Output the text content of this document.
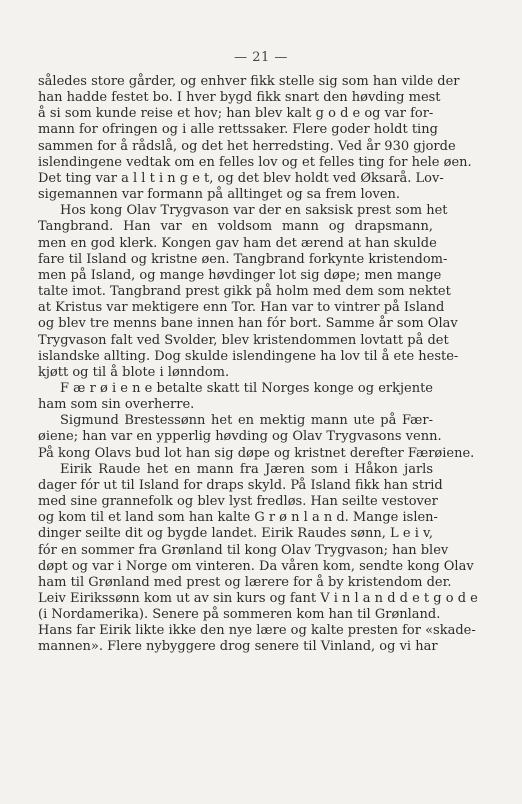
— 21 —
således store gårder, og enhver fikk stelle sig som han vilde der
han hadde festet bo. I hver bygd fikk snart den høvding mest
å si som kunde reise et hov; han blev kalt g o d e og var for-
mann for ofringen og i alle rettssaker. Flere goder holdt ting
sammen for å rådslå, og det het herredsting. Ved år 930 gjorde
islendingene vedtak om en felles lov og et felles ting for hele øen.
Det ting var a l l t i n g e t, og det blev holdt ved Øksarå. Lov-
sigemannen var formann på alltinget og sa frem loven.
Hos kong Olav Trygvason var der en saksisk prest som het
Tangbrand. Han var en voldsom mann og drapsmann,
men en god klerk. Kongen gav ham det ærend at han skulde
fare til Island og kristne øen. Tangbrand forkynte kristendom-
men på Island, og mange høvdinger lot sig døpe; men mange
talte imot. Tangbrand prest gikk på holm med dem som nektet
at Kristus var mektigere enn Tor. Han var to vintrer på Island
og blev tre menns bane innen han fór bort. Samme år som Olav
Trygvason falt ved Svolder, blev kristendommen lovtatt på det
islandske allting. Dog skulde islendingene ha lov til å ete heste-
kjøtt og til å blote i lønndom.
F æ r ø i e n e betalte skatt til Norges konge og erkjente
ham som sin overherre.
Sigmund Brestessønn het en mektig mann ute på Fær-
øiene; han var en ypperlig høvding og Olav Trygvasons venn.
På kong Olavs bud lot han sig døpe og kristnet derefter Færøiene.
Eirik Raude het en mann fra Jæren som i Håkon jarls
dager fór ut til Island for draps skyld. På Island fikk han strid
med sine grannefolk og blev lyst fredløs. Han seilte vestover
og kom til et land som han kalte G r ø n l a n d. Mange islen-
dinger seilte dit og bygde landet. Eirik Raudes sønn, L e i v,
fór en sommer fra Grønland til kong Olav Trygvason; han blev
døpt og var i Norge om vinteren. Da våren kom, sendte kong Olav
ham til Grønland med prest og lærere for å by kristendom der.
Leiv Eirikssønn kom ut av sin kurs og fant V i n l a n d d e t g o d e
(i Nordamerika). Senere på sommeren kom han til Grønland.
Hans far Eirik likte ikke den nye lære og kalte presten for «skade-
mannen». Flere nybyggere drog senere til Vinland, og vi har
